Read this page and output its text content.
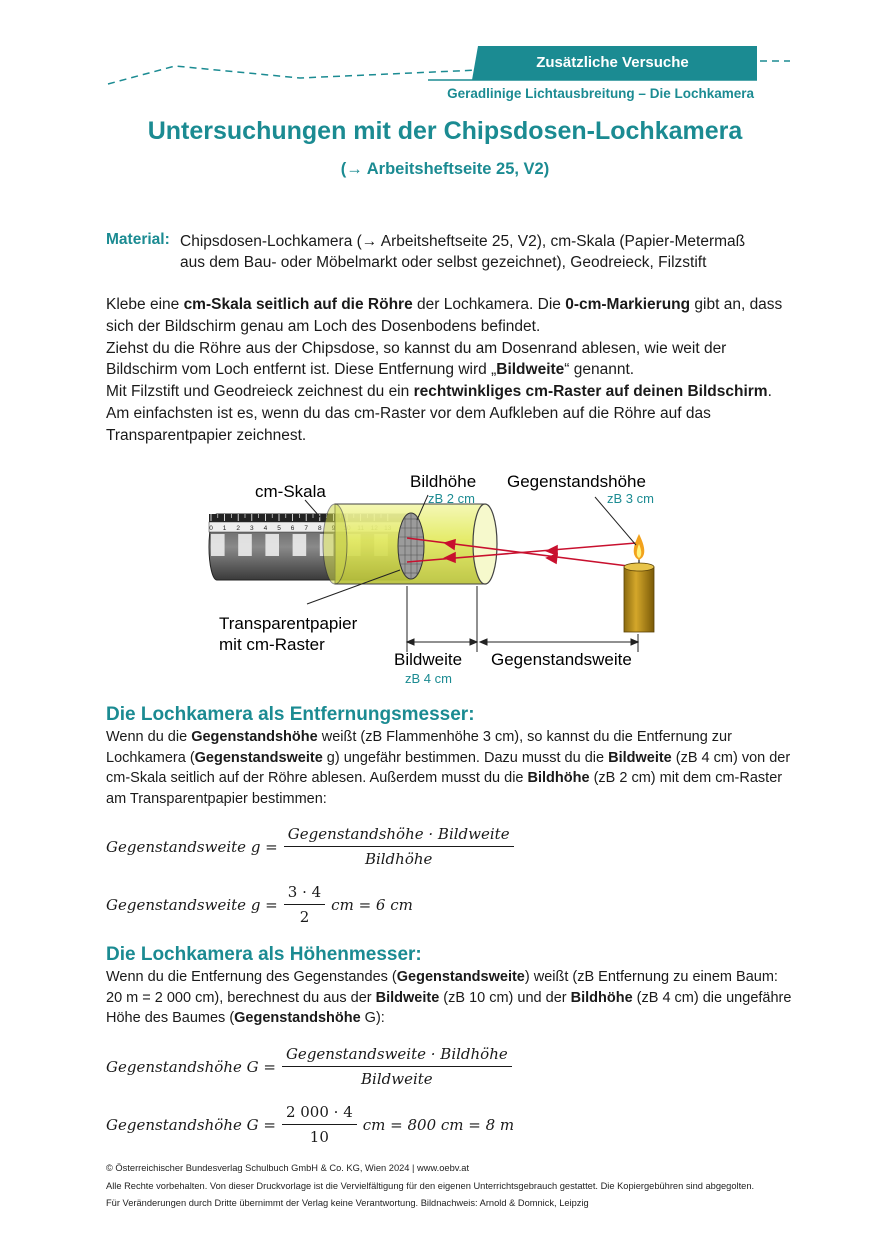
Zusätzliche Versuche
Geradlinige Lichtausbreitung – Die Lochkamera
Untersuchungen mit der Chipsdosen-Lochkamera
(→ Arbeitsheftseite 25, V2)
Material: Chipsdosen-Lochkamera (→ Arbeitsheftseite 25, V2), cm-Skala (Papier-Metermaß
aus dem Bau- oder Möbelmarkt oder selbst gezeichnet), Geodreieck, Filzstift

Klebe eine cm-Skala seitlich auf die Röhre der Lochkamera. Die 0-cm-Markierung gibt an, dass sich der Bildschirm genau am Loch des Dosenbodens befindet.

Ziehst du die Röhre aus der Chipsdose, so kannst du am Dosenrand ablesen, wie weit der Bildschirm vom Loch entfernt ist. Diese Entfernung wird „Bildweite“ genannt.

Mit Filzstift und Geodreieck zeichnest du ein rechtwinkliges cm-Raster auf deinen Bildschirm. Am einfachsten ist es, wenn du das cm-Raster vor dem Aufkleben auf die Röhre auf das Transparentpapier zeichnest.

0 1 2 3 4 5 6 7 8
cm-Skala
Bildhöhe
zB 2 cm
Gegenstandshöhe
zB 3 cm
Transparentpapier
mit cm-Raster
Bildweite
zB 4 cm
Gegenstandsweite
Die Lochkamera als Entfernungsmesser:
Wenn du die Gegenstandshöhe weißt (zB Flammenhöhe 3 cm), so kannst du die Entfernung zur Lochkamera (Gegenstandsweite g) ungefähr bestimmen. Dazu musst du die Bildweite (zB 4 cm) von der cm-Skala seitlich auf der Röhre ablesen. Außerdem musst du die Bildhöhe (zB 2 cm) mit dem cm-Raster am Transparentpapier bestimmen:
Gegenstandsweite $g = \frac{\text{Gegenstandshöhe · Bildweite}}{\text{Bildhöhe}}$
Gegenstandsweite $g = \frac{3 \cdot 4}{2}$ cm = 6 cm
Die Lochkamera als Höhenmesser:
Wenn du die Entfernung des Gegenstandes (Gegenstandsweite) weißt (zB Entfernung zu einem Baum: 20 m = 2 000 cm), berechnest du aus der Bildweite (zB 10 cm) und der Bildhöhe (zB 4 cm) die ungefähre Höhe des Baumes (Gegenstandshöhe G):
Gegenstandshöhe $G = \frac{\text{Gegenstandsweite · Bildhöhe}}{\text{Bildweite}}$
Gegenstandshöhe $G = \frac{2 000 \cdot 4}{10}$ cm = 800 cm = 8 m
© Österreichischer Bundesverlag Schulbuch GmbH & Co. KG, Wien 2024 | www.oebv.at
Alle Rechte vorbehalten. Von dieser Druckvorlage ist die Vervielfältigung für den eigenen Unterrichtsgebrauch gestattet. Die Kopiergebühren sind abgegolten.
Für Veränderungen durch Dritte übernimmt der Verlag keine Verantwortung. Bildnachweis: Arnold & Domnick, Leipzig
